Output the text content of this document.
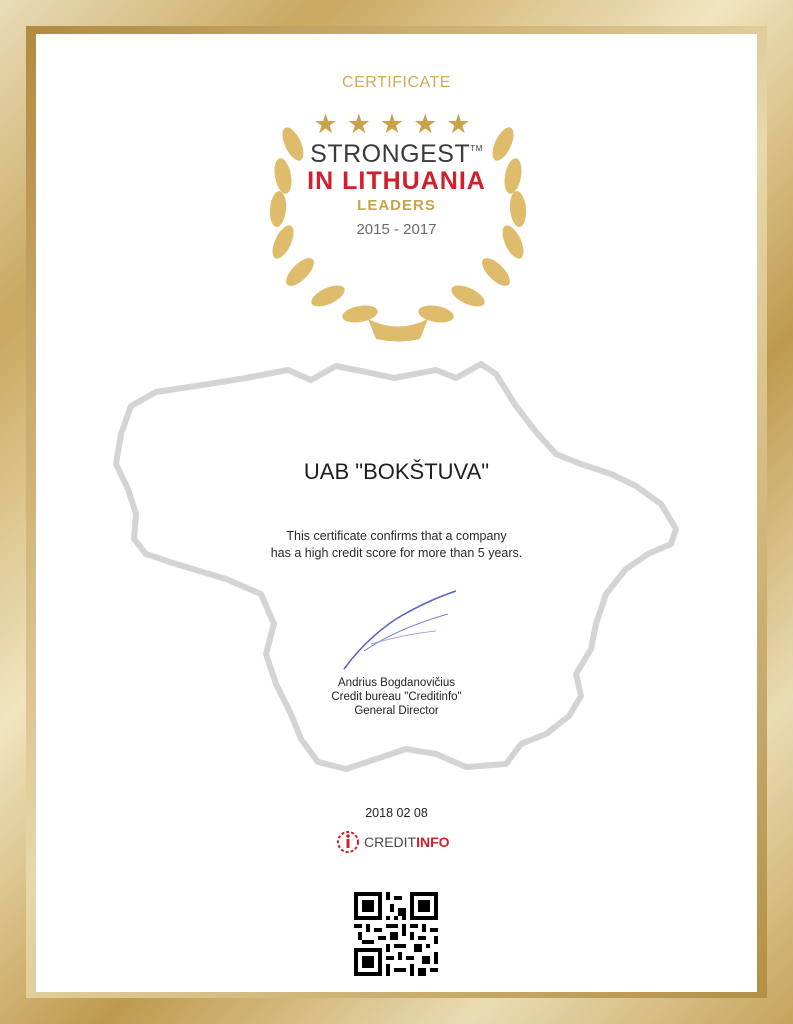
CERTIFICATE
★★★★★
STRONGEST™
IN LITHUANIA
LEADERS
2015 - 2017
UAB "BOKŠTUVA"
This certificate confirms that a company
has a high credit score for more than 5 years.
Andrius Bogdanovičius
Credit bureau "Creditinfo"
General Director
2018 02 08
CREDITINFO
